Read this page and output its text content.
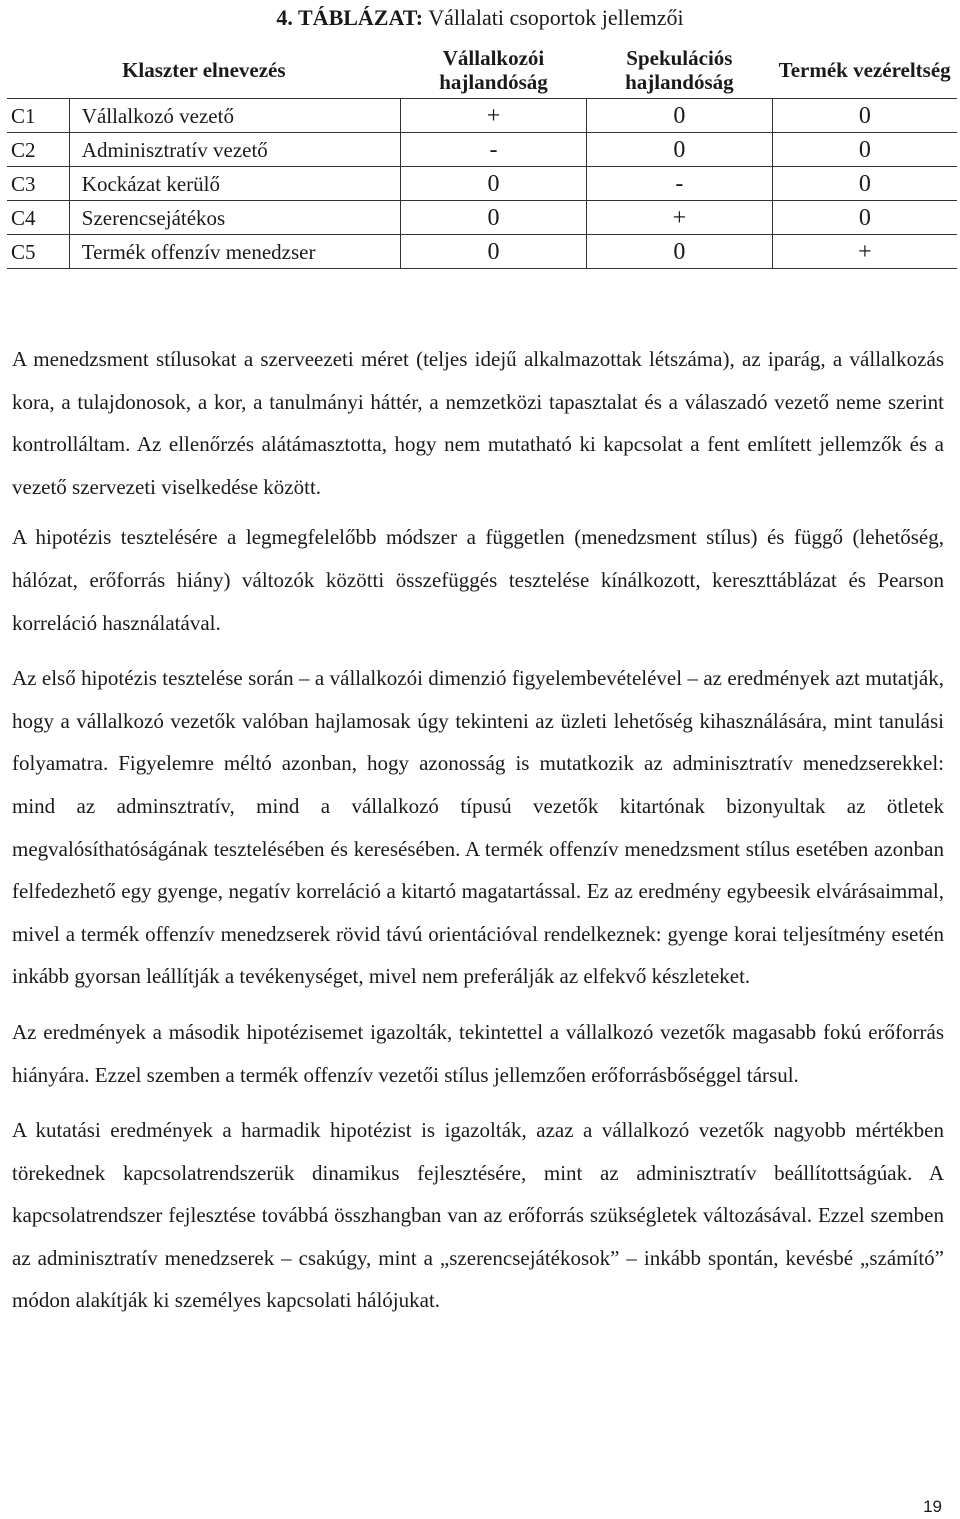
4. TÁBLÁZAT: Vállalati csoportok jellemzői
Klaszter elnevezés		Vállalkozói hajlandóság	Spekulációs hajlandóság	Termék vezéreltség
C1	Vállalkozó vezető	+	0	0
C2	Adminisztratív vezető	-	0	0
C3	Kockázat kerülő	0	-	0
C4	Szerencsejátékos	0	+	0
C5	Termék offenzív menedzser	0	0	+

A menedzsment stílusokat a szerveezeti méret (teljes idejű alkalmazottak létszáma), az iparág, a vállalkozás kora, a tulajdonosok, a kor, a tanulmányi háttér, a nemzetközi tapasztalat és a válaszadó vezető neme szerint kontrolláltam. Az ellenőrzés alátámasztotta, hogy nem mutatható ki kapcsolat a fent említett jellemzők és a vezető szervezeti viselkedése között.

A hipotézis tesztelésére a legmegfelelőbb módszer a független (menedzsment stílus) és függő (lehetőség, hálózat, erőforrás hiány) változók közötti összefüggés tesztelése kínálkozott, kereszttáblázat és Pearson korreláció használatával.

Az első hipotézis tesztelése során – a vállalkozói dimenzió figyelembevételével – az eredmények azt mutatják, hogy a vállalkozó vezetők valóban hajlamosak úgy tekinteni az üzleti lehetőség kihasználására, mint tanulási folyamatra. Figyelemre méltó azonban, hogy azonosság is mutatkozik az adminisztratív menedzserekkel: mind az adminsztratív, mind a vállalkozó típusú vezetők kitartónak bizonyultak az ötletek megvalósíthatóságának tesztelésében és keresésében. A termék offenzív menedzsment stílus esetében azonban felfedezhető egy gyenge, negatív korreláció a kitartó magatartással. Ez az eredmény egybeesik elvárásaimmal, mivel a termék offenzív menedzserek rövid távú orientációval rendelkeznek: gyenge korai teljesítmény esetén inkább gyorsan leállítják a tevékenységet, mivel nem preferálják az elfekvő készleteket.

Az eredmények a második hipotézisemet igazolták, tekintettel a vállalkozó vezetők magasabb fokú erőforrás hiányára. Ezzel szemben a termék offenzív vezetői stílus jellemzően erőforrásbőséggel társul.

A kutatási eredmények a harmadik hipotézist is igazolták, azaz a vállalkozó vezetők nagyobb mértékben törekednek kapcsolatrendszerük dinamikus fejlesztésére, mint az adminisztratív beállítottságúak. A kapcsolatrendszer fejlesztése továbbá összhangban van az erőforrás szükségletek változásával. Ezzel szemben az adminisztratív menedzserek – csakúgy, mint a „szerencsejátékosok” – inkább spontán, kevésbé „számító” módon alakítják ki személyes kapcsolati hálójukat.

19
